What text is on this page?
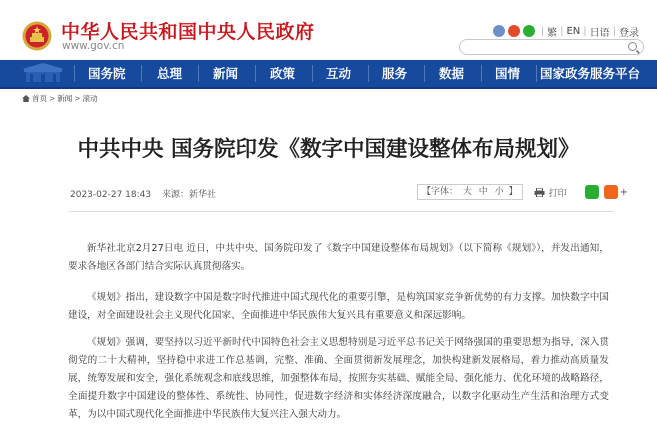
中华人民共和国中央人民政府
www.gov.cn
| 繁 | EN | 日语 | 登录
国务院	总理 新闻	政策 互动 服务	数据 国情 国家政务服务平台
首页 > 新闻 > 滚动
中共中央 国务院印发《数字中国建设整体布局规划》
2023-02-27 18:43 来源：新华社	【字体： 大 中 小 】	打印	+

新华社北京2月27日电 近日，中共中央、国务院印发了《数字中国建设整体布局规划》（以下简称《规划》），并发出通知，要求各地区各部门结合实际认真贯彻落实。

《规划》指出，建设数字中国是数字时代推进中国式现代化的重要引擎，是构筑国家竞争新优势的有力支撑。加快数字中国建设，对全面建设社会主义现代化国家、全面推进中华民族伟大复兴具有重要意义和深远影响。

《规划》强调，要坚持以习近平新时代中国特色社会主义思想特别是习近平总书记关于网络强国的重要思想为指导，深入贯彻党的二十大精神，坚持稳中求进工作总基调，完整、准确、全面贯彻新发展理念，加快构建新发展格局，着力推动高质量发展，统筹发展和安全，强化系统观念和底线思维，加强整体布局，按照夯实基础、赋能全局、强化能力、优化环境的战略路径，全面提升数字中国建设的整体性、系统性、协同性，促进数字经济和实体经济深度融合，以数字化驱动生产生活和治理方式变革，为以中国式现代化全面推进中华民族伟大复兴注入强大动力。
